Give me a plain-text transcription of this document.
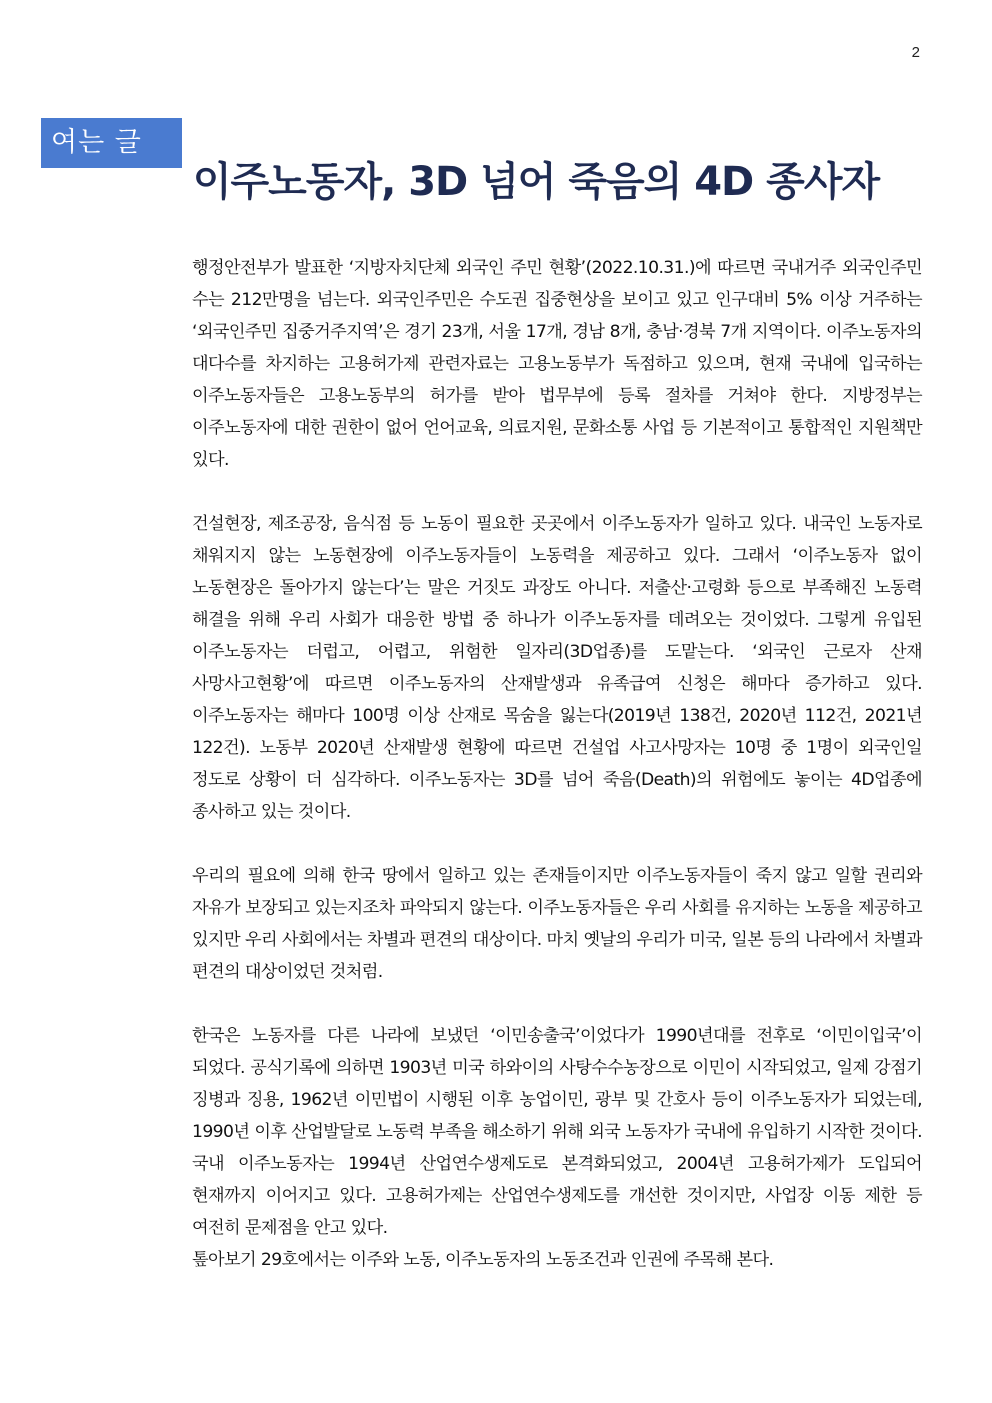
2
여는 글
이주노동자, 3D 넘어 죽음의 4D 종사자

행정안전부가 발표한 ‘지방자치단체 외국인 주민 현황’(2022.10.31.)에 따르면 국내거주 외국인주민 수는 212만명을 넘는다. 외국인주민은 수도권 집중현상을 보이고 있고 인구대비 5% 이상 거주하는 ‘외국인주민 집중거주지역’은 경기 23개, 서울 17개, 경남 8개, 충남·경북 7개 지역이다. 이주노동자의 대다수를 차지하는 고용허가제 관련자료는 고용노동부가 독점하고 있으며, 현재 국내에 입국하는 이주노동자들은 고용노동부의 허가를 받아 법무부에 등록 절차를 거쳐야 한다. 지방정부는 이주노동자에 대한 권한이 없어 언어교육, 의료지원, 문화소통 사업 등 기본적이고 통합적인 지원책만 있다.

건설현장, 제조공장, 음식점 등 노동이 필요한 곳곳에서 이주노동자가 일하고 있다. 내국인 노동자로 채워지지 않는 노동현장에 이주노동자들이 노동력을 제공하고 있다. 그래서 ‘이주노동자 없이 노동현장은 돌아가지 않는다’는 말은 거짓도 과장도 아니다. 저출산·고령화 등으로 부족해진 노동력 해결을 위해 우리 사회가 대응한 방법 중 하나가 이주노동자를 데려오는 것이었다. 그렇게 유입된 이주노동자는 더럽고, 어렵고, 위험한 일자리(3D업종)를 도맡는다. ‘외국인 근로자 산재 사망사고현황’에 따르면 이주노동자의 산재발생과 유족급여 신청은 해마다 증가하고 있다. 이주노동자는 해마다 100명 이상 산재로 목숨을 잃는다(2019년 138건, 2020년 112건, 2021년 122건). 노동부 2020년 산재발생 현황에 따르면 건설업 사고사망자는 10명 중 1명이 외국인일 정도로 상황이 더 심각하다. 이주노동자는 3D를 넘어 죽음(Death)의 위험에도 놓이는 4D업종에 종사하고 있는 것이다.

우리의 필요에 의해 한국 땅에서 일하고 있는 존재들이지만 이주노동자들이 죽지 않고 일할 권리와 자유가 보장되고 있는지조차 파악되지 않는다. 이주노동자들은 우리 사회를 유지하는 노동을 제공하고 있지만 우리 사회에서는 차별과 편견의 대상이다. 마치 옛날의 우리가 미국, 일본 등의 나라에서 차별과 편견의 대상이었던 것처럼.

한국은 노동자를 다른 나라에 보냈던 ‘이민송출국’이었다가 1990년대를 전후로 ‘이민이입국’이 되었다. 공식기록에 의하면 1903년 미국 하와이의 사탕수수농장으로 이민이 시작되었고, 일제 강점기 징병과 징용, 1962년 이민법이 시행된 이후 농업이민, 광부 및 간호사 등이 이주노동자가 되었는데, 1990년 이후 산업발달로 노동력 부족을 해소하기 위해 외국 노동자가 국내에 유입하기 시작한 것이다. 국내 이주노동자는 1994년 산업연수생제도로 본격화되었고, 2004년 고용허가제가 도입되어 현재까지 이어지고 있다. 고용허가제는 산업연수생제도를 개선한 것이지만, 사업장 이동 제한 등 여전히 문제점을 안고 있다.

톺아보기 29호에서는 이주와 노동, 이주노동자의 노동조건과 인권에 주목해 본다.
